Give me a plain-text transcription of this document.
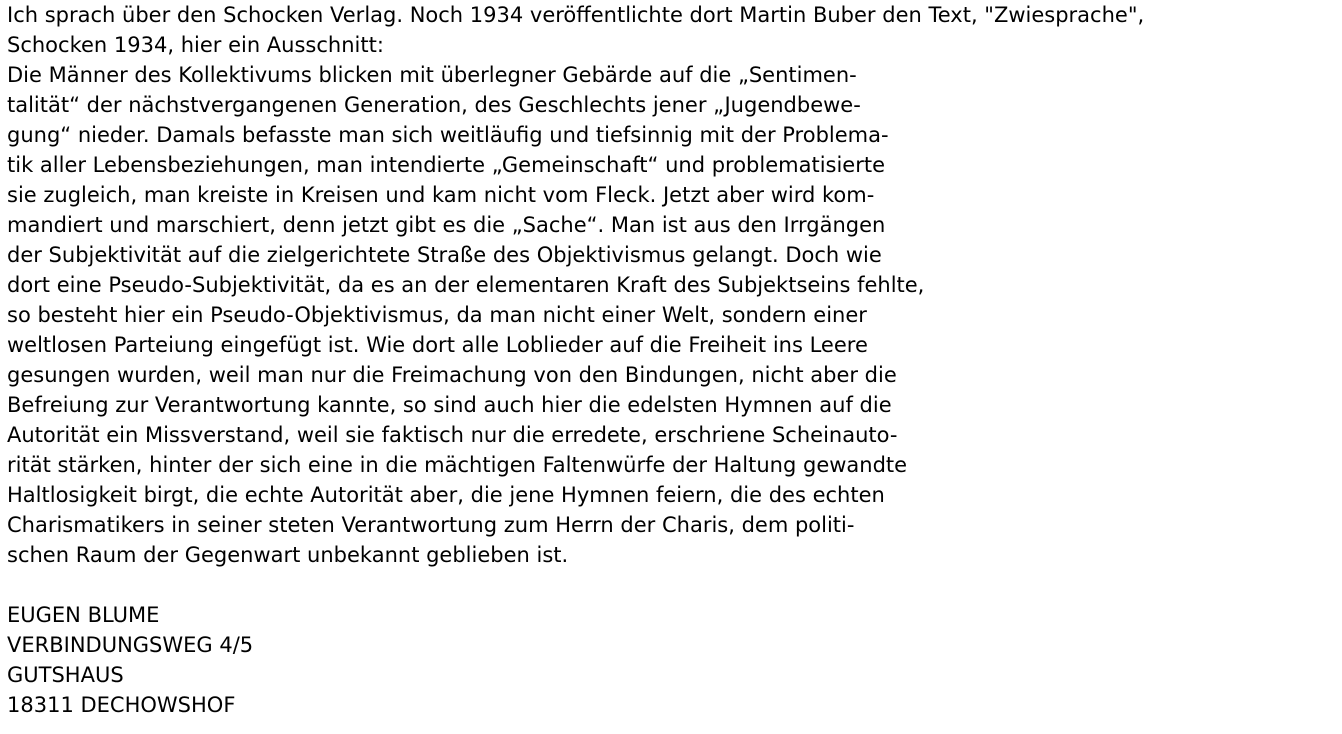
Ich sprach über den Schocken Verlag. Noch 1934 veröffentlichte dort Martin Buber den Text, "Zwiesprache",
Schocken 1934, hier ein Ausschnitt:
Die Männer des Kollektivums blicken mit überlegner Gebärde auf die „Sentimen-
talität“ der nächstvergangenen Generation, des Geschlechts jener „Jugendbewe-
gung“ nieder. Damals befasste man sich weitläufig und tiefsinnig mit der Problema-
tik aller Lebensbeziehungen, man intendierte „Gemeinschaft“ und problematisierte
sie zugleich, man kreiste in Kreisen und kam nicht vom Fleck. Jetzt aber wird kom-
mandiert und marschiert, denn jetzt gibt es die „Sache“. Man ist aus den Irrgängen
der Subjektivität auf die zielgerichtete Straße des Objektivismus gelangt. Doch wie
dort eine Pseudo-Subjektivität, da es an der elementaren Kraft des Subjektseins fehlte,
so besteht hier ein Pseudo-Objektivismus, da man nicht einer Welt, sondern einer
weltlosen Parteiung eingefügt ist. Wie dort alle Loblieder auf die Freiheit ins Leere
gesungen wurden, weil man nur die Freimachung von den Bindungen, nicht aber die
Befreiung zur Verantwortung kannte, so sind auch hier die edelsten Hymnen auf die
Autorität ein Missverstand, weil sie faktisch nur die erredete, erschriene Scheinauto-
rität stärken, hinter der sich eine in die mächtigen Faltenwürfe der Haltung gewandte
Haltlosigkeit birgt, die echte Autorität aber, die jene Hymnen feiern, die des echten
Charismatikers in seiner steten Verantwortung zum Herrn der Charis, dem politi-
schen Raum der Gegenwart unbekannt geblieben ist.
EUGEN BLUME
VERBINDUNGSWEG 4/5
GUTSHAUS
18311 DECHOWSHOF
